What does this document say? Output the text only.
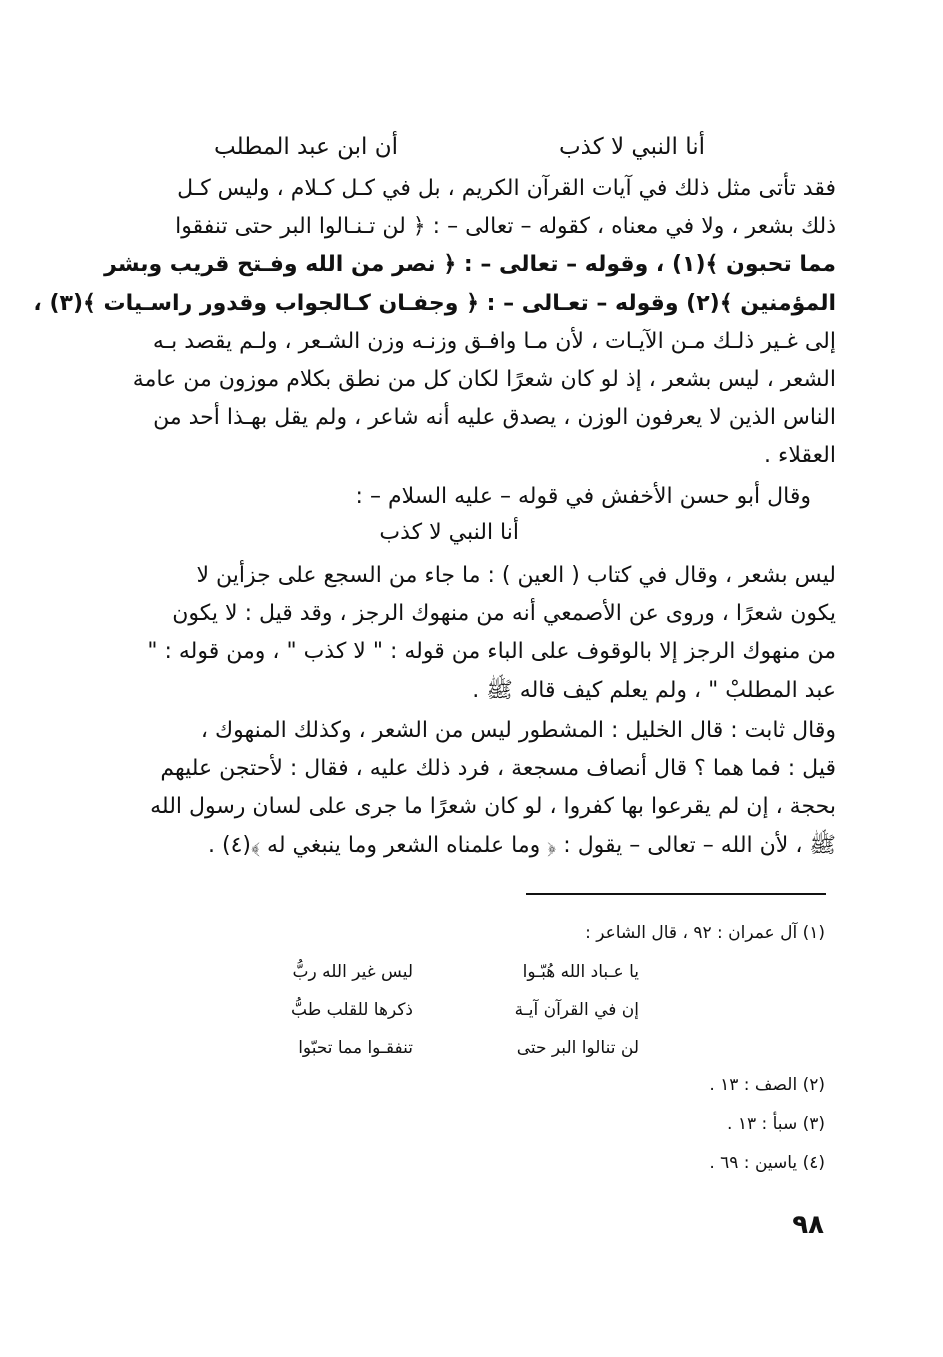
أنا النبي لا كذب
أن ابن عبد المطلب
فقد تأتى مثل ذلك في آيات القرآن الكريم ، بل في كـل كـلام ، وليس كـل
ذلك بشعر ، ولا في معناه ، كقوله – تعالى – : ﴿ لن تـنـالوا البر حتى تنفقوا
مما تحبون ﴾(١) ، وقوله – تعالى – : ﴿ نصر من الله وفـتح قريب وبشر
المؤمنين ﴾(٢) وقوله – تعـالى – : ﴿ وجفـان كـالجواب وقدور راسـيات ﴾(٣) ،
إلى غـير ذلـك مـن الآيـات ، لأن مـا وافـق وزنـه وزن الشـعر ، ولـم يقصد بـه
الشعر ، ليس بشعر ، إذ لو كان شعرًا لكان كل من نطق بكلام موزون من عامة
الناس الذين لا يعرفون الوزن ، يصدق عليه أنه شاعر ، ولم يقل بهـذا أحد من
العقلاء .
وقال أبو حسن الأخفش في قوله – عليه السلام – :
أنا النبي لا كذب
ليس بشعر ، وقال في كتاب ( العين ) : ما جاء من السجع على جزأين لا
يكون شعرًا ، وروى عن الأصمعي أنه من منهوك الرجز ، وقد قيل : لا يكون
من منهوك الرجز إلا بالوقوف على الباء من قوله : " لا كذب " ، ومن قوله : "
عبد المطلبْ " ، ولم يعلم كيف قاله ﷺ .
وقال ثابت : قال الخليل : المشطور ليس من الشعر ، وكذلك المنهوك ،
قيل : فما هما ؟ قال أنصاف مسجعة ، فرد ذلك عليه ، فقال : لأحتجن عليهم
بحجة ، إن لم يقرعوا بها كفروا ، لو كان شعرًا ما جرى على لسان رسول الله
ﷺ ، لأن الله – تعالى – يقول : ﴿ وما علمناه الشعر وما ينبغي له ﴾(٤) .
(١) آل عمران : ٩٢ ، قال الشاعر :
يا عـباد الله هُبّـوا
ليس غير الله ربُّ
إن في القرآن آيـة
ذكرها للقلب طبُّ
لن تنالوا البر حتى
تنفقـوا مما تحبّوا
(٢) الصف : ١٣ .
(٣) سبأ : ١٣ .
(٤) ياسين : ٦٩ .
٩٨
